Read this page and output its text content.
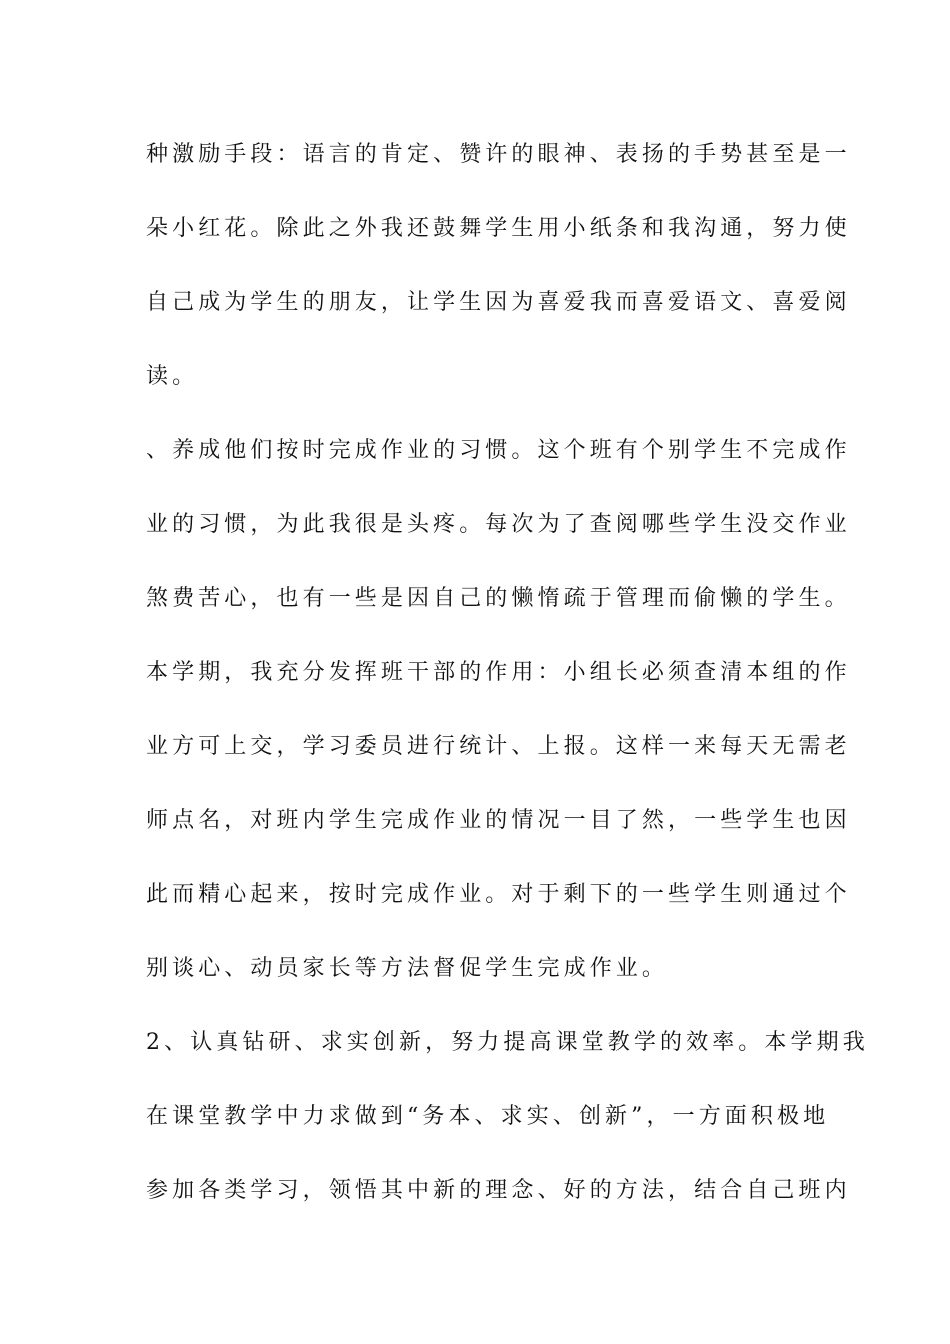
种激励手段：语言的肯定、赞许的眼神、表扬的手势甚至是一
朵小红花。除此之外我还鼓舞学生用小纸条和我沟通，努力使
自己成为学生的朋友，让学生因为喜爱我而喜爱语文、喜爱阅
读。
、养成他们按时完成作业的习惯。这个班有个别学生不完成作
业的习惯，为此我很是头疼。每次为了查阅哪些学生没交作业
煞费苦心，也有一些是因自己的懒惰疏于管理而偷懒的学生。
本学期，我充分发挥班干部的作用：小组长必须查清本组的作
业方可上交，学习委员进行统计、上报。这样一来每天无需老
师点名，对班内学生完成作业的情况一目了然，一些学生也因
此而精心起来，按时完成作业。对于剩下的一些学生则通过个
别谈心、动员家长等方法督促学生完成作业。
2、认真钻研、求实创新，努力提高课堂教学的效率。本学期我
在课堂教学中力求做到“务本、求实、创新”，一方面积极地
参加各类学习，领悟其中新的理念、好的方法，结合自己班内
